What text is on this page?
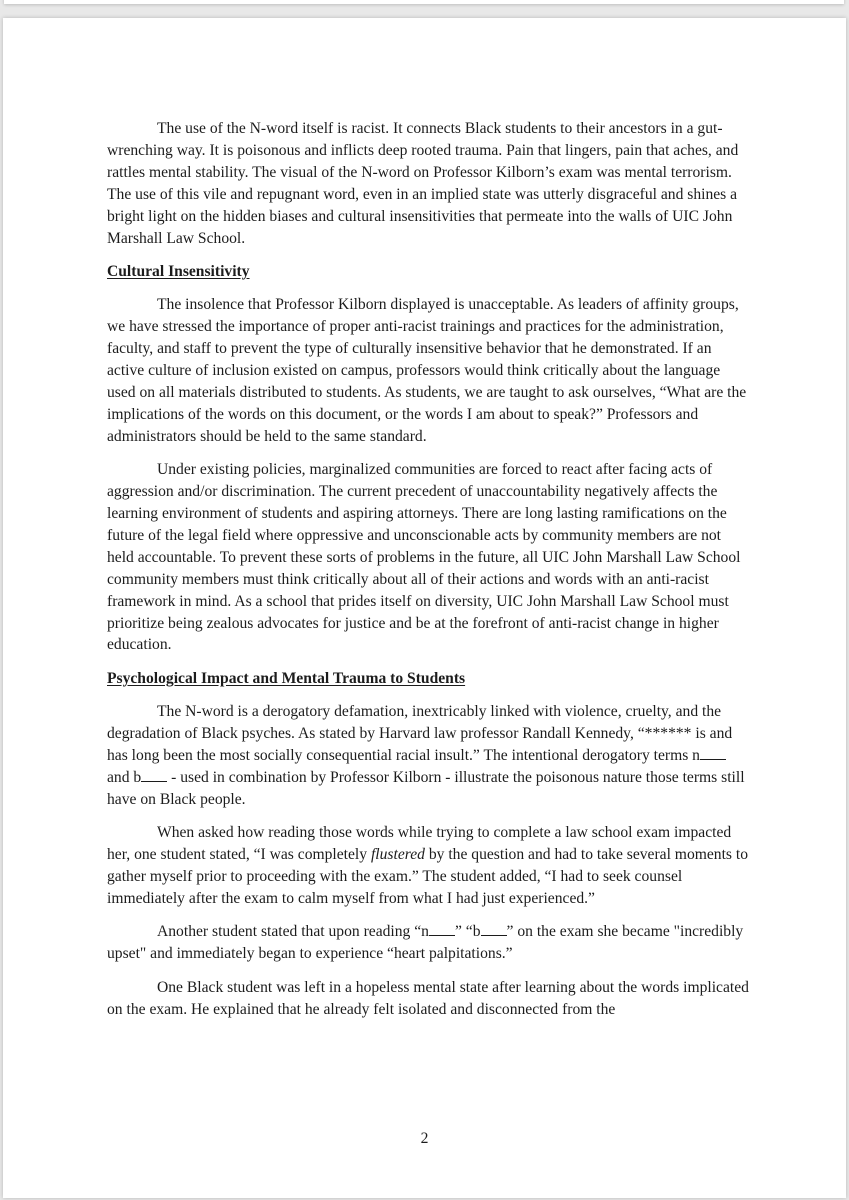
The use of the N-word itself is racist. It connects Black students to their ancestors in a gut-wrenching way. It is poisonous and inflicts deep rooted trauma. Pain that lingers, pain that aches, and rattles mental stability. The visual of the N-word on Professor Kilborn’s exam was mental terrorism. The use of this vile and repugnant word, even in an implied state was utterly disgraceful and shines a bright light on the hidden biases and cultural insensitivities that permeate into the walls of UIC John Marshall Law School.

Cultural Insensitivity

The insolence that Professor Kilborn displayed is unacceptable. As leaders of affinity groups, we have stressed the importance of proper anti-racist trainings and practices for the administration, faculty, and staff to prevent the type of culturally insensitive behavior that he demonstrated. If an active culture of inclusion existed on campus, professors would think critically about the language used on all materials distributed to students. As students, we are taught to ask ourselves, “What are the implications of the words on this document, or the words I am about to speak?” Professors and administrators should be held to the same standard.

Under existing policies, marginalized communities are forced to react after facing acts of aggression and/or discrimination. The current precedent of unaccountability negatively affects the learning environment of students and aspiring attorneys. There are long lasting ramifications on the future of the legal field where oppressive and unconscionable acts by community members are not held accountable. To prevent these sorts of problems in the future, all UIC John Marshall Law School community members must think critically about all of their actions and words with an anti-racist framework in mind. As a school that prides itself on diversity, UIC John Marshall Law School must prioritize being zealous advocates for justice and be at the forefront of anti-racist change in higher education.

Psychological Impact and Mental Trauma to Students

The N-word is a derogatory defamation, inextricably linked with violence, cruelty, and the degradation of Black psyches. As stated by Harvard law professor Randall Kennedy, “****** is and has long been the most socially consequential racial insult.” The intentional derogatory terms n and b - used in combination by Professor Kilborn - illustrate the poisonous nature those terms still have on Black people.

When asked how reading those words while trying to complete a law school exam impacted her, one student stated, “I was completely flustered by the question and had to take several moments to gather myself prior to proceeding with the exam.” The student added, “I had to seek counsel immediately after the exam to calm myself from what I had just experienced.”

Another student stated that upon reading “n ” “b ” on the exam she became "incredibly upset" and immediately began to experience “heart palpitations.”

One Black student was left in a hopeless mental state after learning about the words implicated on the exam. He explained that he already felt isolated and disconnected from the

2
